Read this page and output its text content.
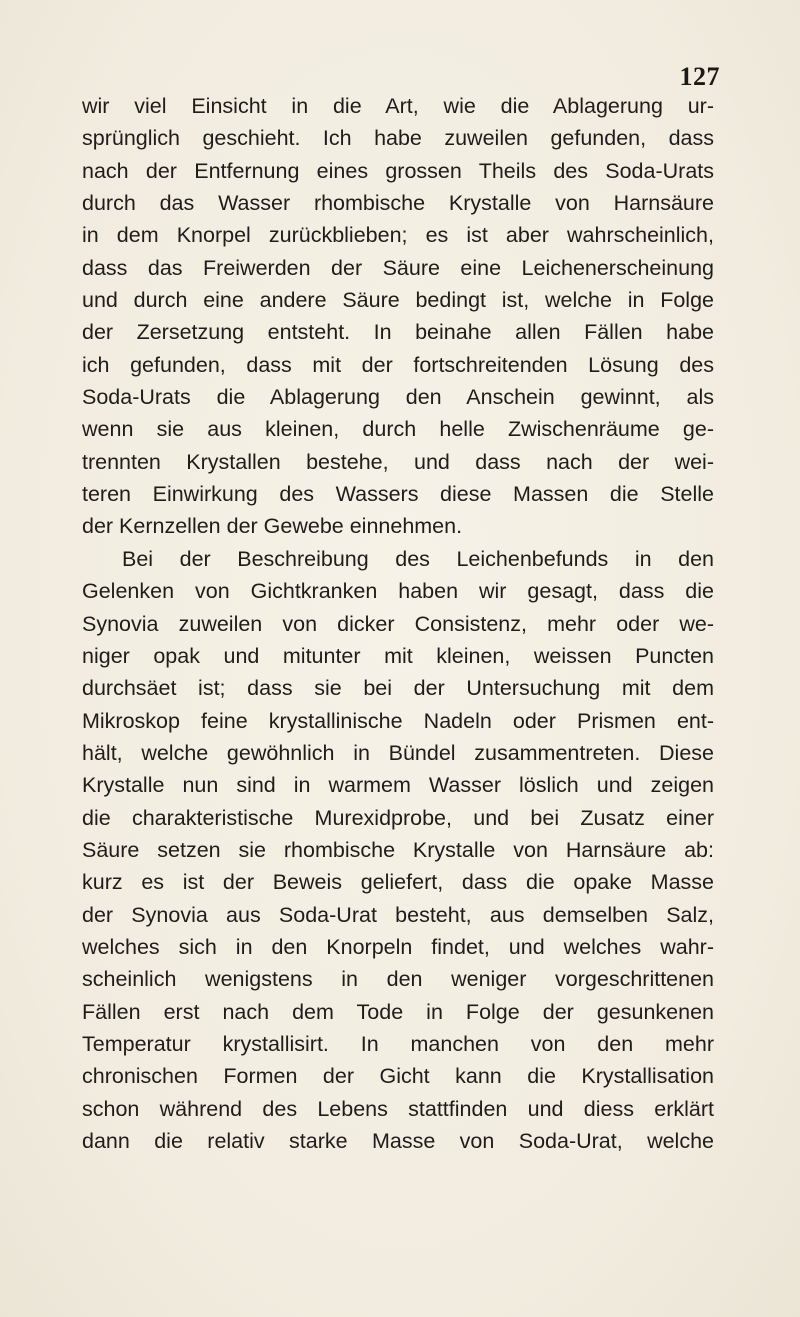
127
wir viel Einsicht in die Art, wie die Ablagerung ur-
sprünglich geschieht. Ich habe zuweilen gefunden, dass
nach der Entfernung eines grossen Theils des Soda-Urats
durch das Wasser rhombische Krystalle von Harnsäure
in dem Knorpel zurückblieben; es ist aber wahrscheinlich,
dass das Freiwerden der Säure eine Leichenerscheinung
und durch eine andere Säure bedingt ist, welche in Folge
der Zersetzung entsteht. In beinahe allen Fällen habe
ich gefunden, dass mit der fortschreitenden Lösung des
Soda-Urats die Ablagerung den Anschein gewinnt, als
wenn sie aus kleinen, durch helle Zwischenräume ge-
trennten Krystallen bestehe, und dass nach der wei-
teren Einwirkung des Wassers diese Massen die Stelle
der Kernzellen der Gewebe einnehmen.
Bei der Beschreibung des Leichenbefunds in den
Gelenken von Gichtkranken haben wir gesagt, dass die
Synovia zuweilen von dicker Consistenz, mehr oder we-
niger opak und mitunter mit kleinen, weissen Puncten
durchsäet ist; dass sie bei der Untersuchung mit dem
Mikroskop feine krystallinische Nadeln oder Prismen ent-
hält, welche gewöhnlich in Bündel zusammentreten. Diese
Krystalle nun sind in warmem Wasser löslich und zeigen
die charakteristische Murexidprobe, und bei Zusatz einer
Säure setzen sie rhombische Krystalle von Harnsäure ab:
kurz es ist der Beweis geliefert, dass die opake Masse
der Synovia aus Soda-Urat besteht, aus demselben Salz,
welches sich in den Knorpeln findet, und welches wahr-
scheinlich wenigstens in den weniger vorgeschrittenen
Fällen erst nach dem Tode in Folge der gesunkenen
Temperatur krystallisirt. In manchen von den mehr
chronischen Formen der Gicht kann die Krystallisation
schon während des Lebens stattfinden und diess erklärt
dann die relativ starke Masse von Soda-Urat, welche
